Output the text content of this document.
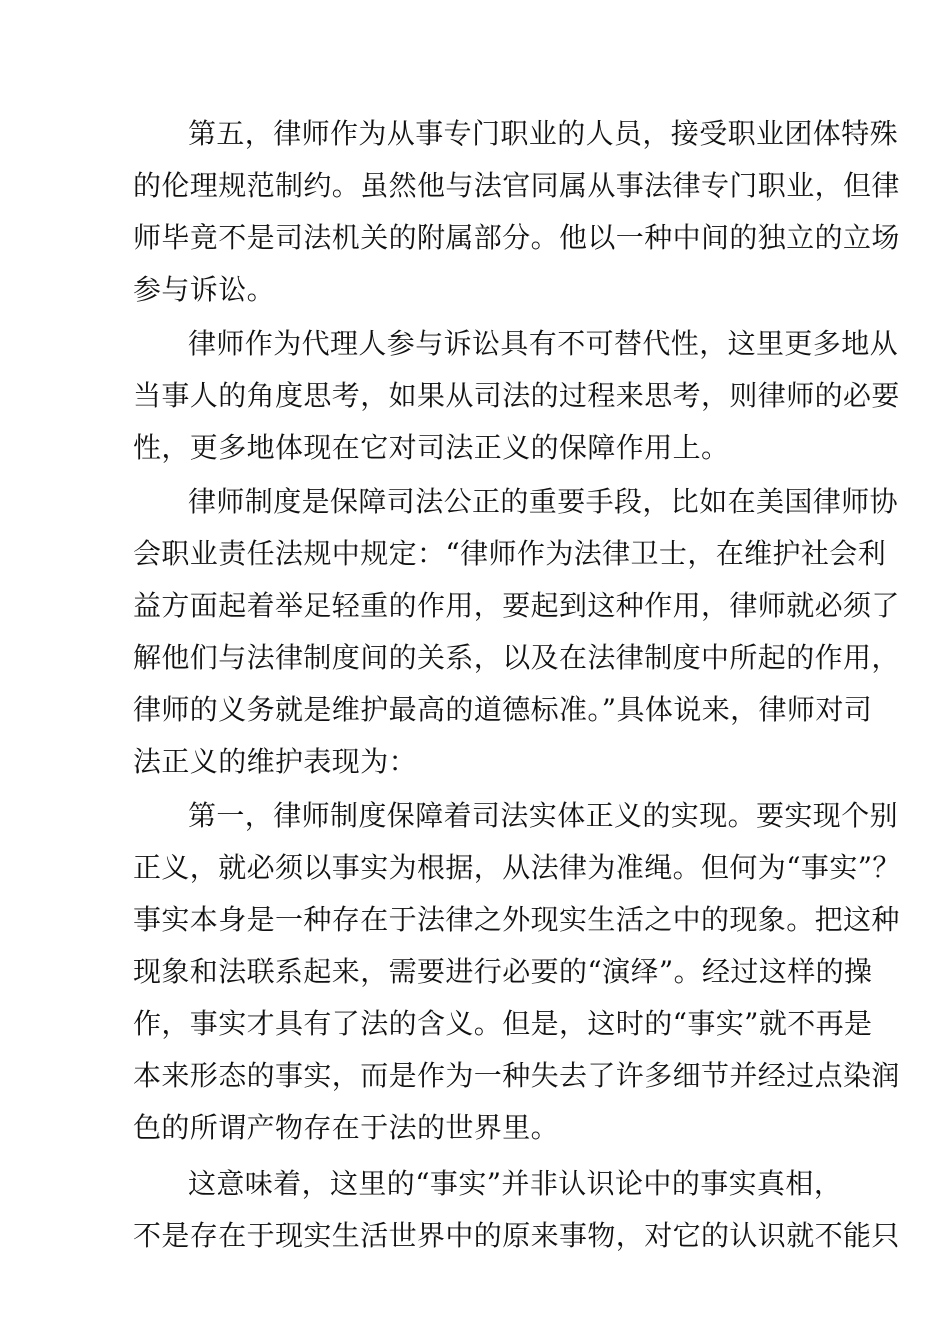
第五，律师作为从事专门职业的人员，接受职业团体特殊
的伦理规范制约。虽然他与法官同属从事法律专门职业，但律
师毕竟不是司法机关的附属部分。他以一种中间的独立的立场
参与诉讼。
律师作为代理人参与诉讼具有不可替代性，这里更多地从
当事人的角度思考，如果从司法的过程来思考，则律师的必要
性，更多地体现在它对司法正义的保障作用上。
律师制度是保障司法公正的重要手段，比如在美国律师协
会职业责任法规中规定：“律师作为法律卫士，在维护社会利
益方面起着举足轻重的作用，要起到这种作用，律师就必须了
解他们与法律制度间的关系，以及在法律制度中所起的作用，
律师的义务就是维护最高的道德标准。”具体说来，律师对司
法正义的维护表现为：
第一，律师制度保障着司法实体正义的实现。要实现个别
正义，就必须以事实为根据，从法律为准绳。但何为“事实”？
事实本身是一种存在于法律之外现实生活之中的现象。把这种
现象和法联系起来，需要进行必要的“演绎”。经过这样的操
作，事实才具有了法的含义。但是，这时的“事实”就不再是
本来形态的事实，而是作为一种失去了许多细节并经过点染润
色的所谓产物存在于法的世界里。
这意味着，这里的“事实”并非认识论中的事实真相，
不是存在于现实生活世界中的原来事物，对它的认识就不能只
